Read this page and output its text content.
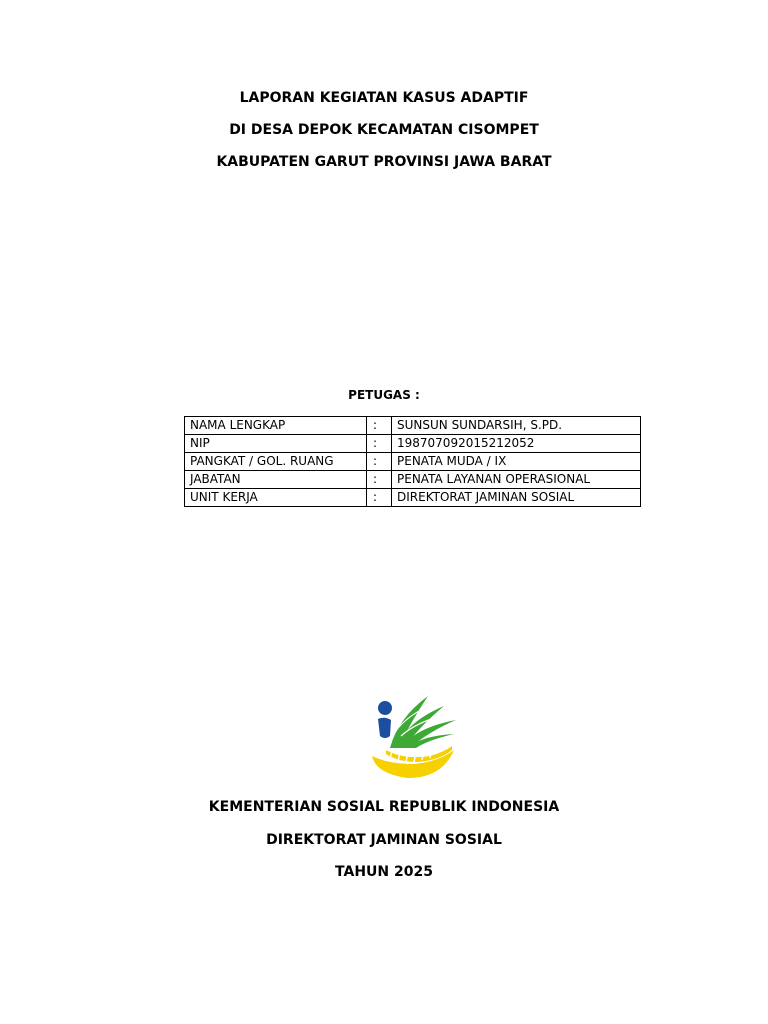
LAPORAN KEGIATAN KASUS ADAPTIF
DI DESA DEPOK KECAMATAN CISOMPET
KABUPATEN GARUT PROVINSI JAWA BARAT
PETUGAS :
NAMA LENGKAP	:	SUNSUN SUNDARSIH, S.PD.
NIP	:	198707092015212052
PANGKAT / GOL. RUANG	:	PENATA MUDA / IX
JABATAN	:	PENATA LAYANAN OPERASIONAL
UNIT KERJA	:	DIREKTORAT JAMINAN SOSIAL
KEMENTERIAN SOSIAL REPUBLIK INDONESIA
DIREKTORAT JAMINAN SOSIAL
TAHUN 2025
